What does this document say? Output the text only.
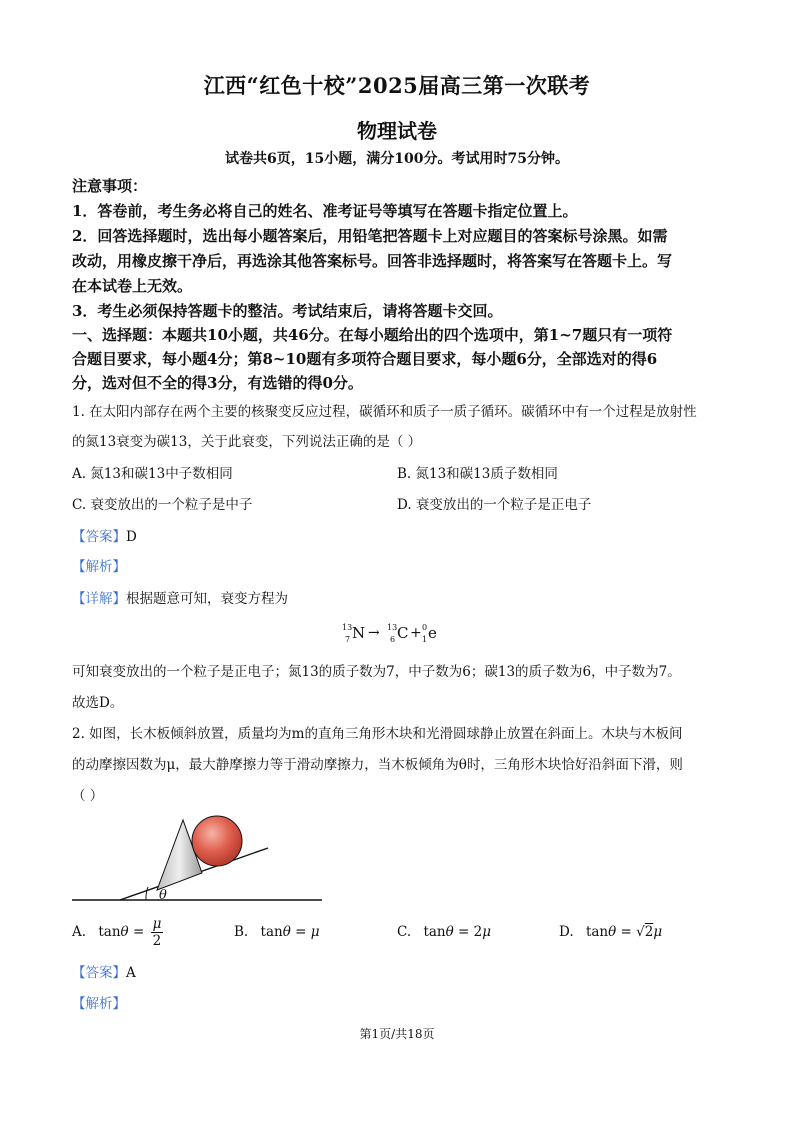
江西“红色十校”2025届高三第一次联考
物理试卷
试卷共6页，15小题，满分100分。考试用时75分钟。
注意事项：
1．答卷前，考生务必将自己的姓名、准考证号等填写在答题卡指定位置上。
2．回答选择题时，选出每小题答案后，用铅笔把答题卡上对应题目的答案标号涂黑。如需
改动，用橡皮擦干净后，再选涂其他答案标号。回答非选择题时，将答案写在答题卡上。写
在本试卷上无效。
3．考生必须保持答题卡的整洁。考试结束后，请将答题卡交回。
一、选择题：本题共10小题，共46分。在每小题给出的四个选项中，第1~7题只有一项符
合题目要求，每小题4分；第8~10题有多项符合题目要求，每小题6分，全部选对的得6
分，选对但不全的得3分，有选错的得0分。
1. 在太阳内部存在两个主要的核聚变反应过程，碳循环和质子一质子循环。碳循环中有一个过程是放射性
的氮13衰变为碳13，关于此衰变，下列说法正确的是（ ）
A. 氮13和碳13中子数相同	B. 氮13和碳13质子数相同
C. 衰变放出的一个粒子是中子	D. 衰变放出的一个粒子是正电子
【答案】D
【解析】
【详解】根据题意可知，衰变方程为
13
7 N → 13
6 C + 0
1 e
可知衰变放出的一个粒子是正电子；氮13的质子数为7，中子数为6；碳13的质子数为6，中子数为7。
故选D。
2. 如图，长木板倾斜放置，质量均为m的直角三角形木块和光滑圆球静止放置在斜面上。木块与木板间
的动摩擦因数为μ，最大静摩擦力等于滑动摩擦力，当木板倾角为θ时，三角形木块恰好沿斜面下滑，则
（ ）
θ
A. $\tan\theta = \frac{\mu}{2}$	B. tanθ = μ	C. tanθ = 2μ	D. tanθ = √2μ
【答案】A
【解析】
第1页/共18页
